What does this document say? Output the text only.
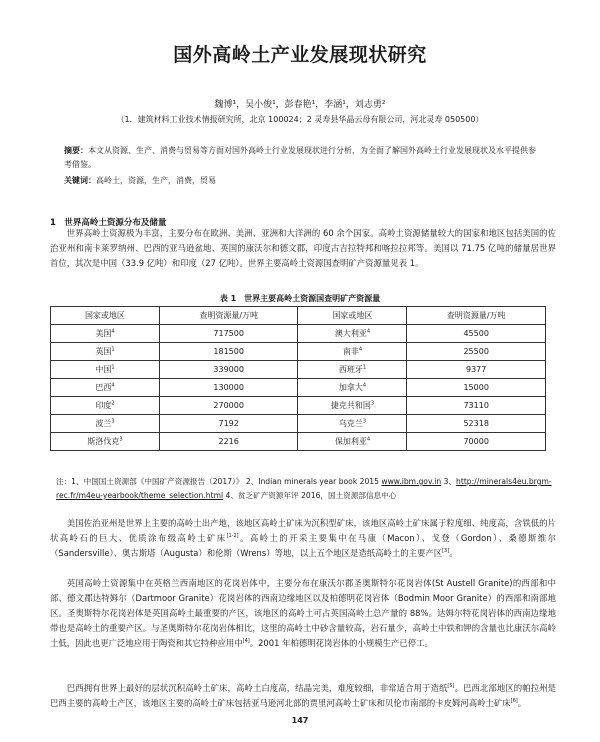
国外高岭土产业发展现状研究
魏博¹，吴小俊¹，彭春艳¹，李涵¹，刘志勇²
（1．建筑材料工业技术情报研究所，北京 100024；2 灵寿县华晶云母有限公司，河北灵寿 050500）
摘要：本文从资源、生产、消费与贸易等方面对国外高岭土行业发展现状进行分析，为全面了解国外高岭土行业发展现状及水平提供参考借鉴。
关键词：高岭土，资源，生产，消费，贸易
1　世界高岭土资源分布及储量

世界高岭土资源极为丰富，主要分布在欧洲、美洲、亚洲和大洋洲的 60 余个国家。高岭土资源储量较大的国家和地区包括美国的佐治亚州和南卡莱罗纳州、巴西的亚马逊盆地、英国的康沃尔和德文郡，印度古吉拉特邦和喀拉拉邦等。美国以 71.75 亿吨的储量居世界首位，其次是中国（33.9 亿吨）和印度（27 亿吨）。世界主要高岭土资源国查明矿产资源量见表 1。

表 1　世界主要高岭土资源国查明矿产资源量
国家或地区	查明资源量/万吨	国家或地区	查明资源量/万吨
美国$^4$	717500	澳大利亚$^4$	45500
英国$^1$	181500	南非$^4$	25500
中国$^1$	339000	西班牙$^1$	9377
巴西$^4$	130000	加拿大$^4$	15000
印度$^2$	270000	捷克共和国$^3$	73110
波兰$^3$	7192	乌克兰$^3$	52318
斯洛伐克$^3$	2216	保加利亚$^4$	70000

注：1、中国国土资源部《中国矿产资源报告（2017）》 2、Indian minerals year book 2015 www.ibm.gov.in 3、http://minerals4eu.brgm-rec.fr/m4eu-yearbook/theme_selection.html 4、贫乏矿产资源年评 2016，国土资源部信息中心

美国佐治亚州是世界上主要的高岭土出产地，该地区高岭土矿床为沉积型矿床，该地区高岭土矿床属于粒度细、纯度高，含铁低的片状高岭石的巨大、优质涂布级高岭土矿床[1-2]。高岭土的开采主要集中在马康（Macon）、戈登（Gordon）、桑德斯维尔（Sandersville）、奥古斯塔（Augusta）和伦斯（Wrens）等地，以上五个地区是造纸高岭土的主要产区[3]。

英国高岭土资源集中在英格兰西南地区的花岗岩体中，主要分布在康沃尔郡圣奥斯特尔花岗岩体(St Austell Granite)的西部和中部、德文郡达特姆尔（Dartmoor Granite）花岗岩体的西南边缘地区以及柏德明花岗岩体（Bodmin Moor Granite）的西部和南部地区。圣奥斯特尔花岗岩体是英国高岭土最重要的产区，该地区的高岭土可占英国高岭土总产量的 88%。达姆尔特花岗岩体的西南边缘地带也是高岭土的重要产区。与圣奥斯特尔花岗岩体相比，这里的高岭土中砂含量较高，岩石量少，高岭土中铁和钾的含量也比康沃尔高岭土低，因此也更广泛地应用于陶瓷和其它特种应用中[4]。2001 年柏德明花岗岩体的小规模生产已停工。

巴西拥有世界上最好的层状沉积高岭土矿床，高岭土白度高，结晶完美，难度较细，非常适合用于造纸[5]。巴西北部地区的帕拉州是巴西主要的高岭土产区，该地区主要的高岭土矿床包括亚马逊河北部的贾里河高岭土矿床和贝伦市南部的卡皮姆河高岭土矿床[6]。

147
